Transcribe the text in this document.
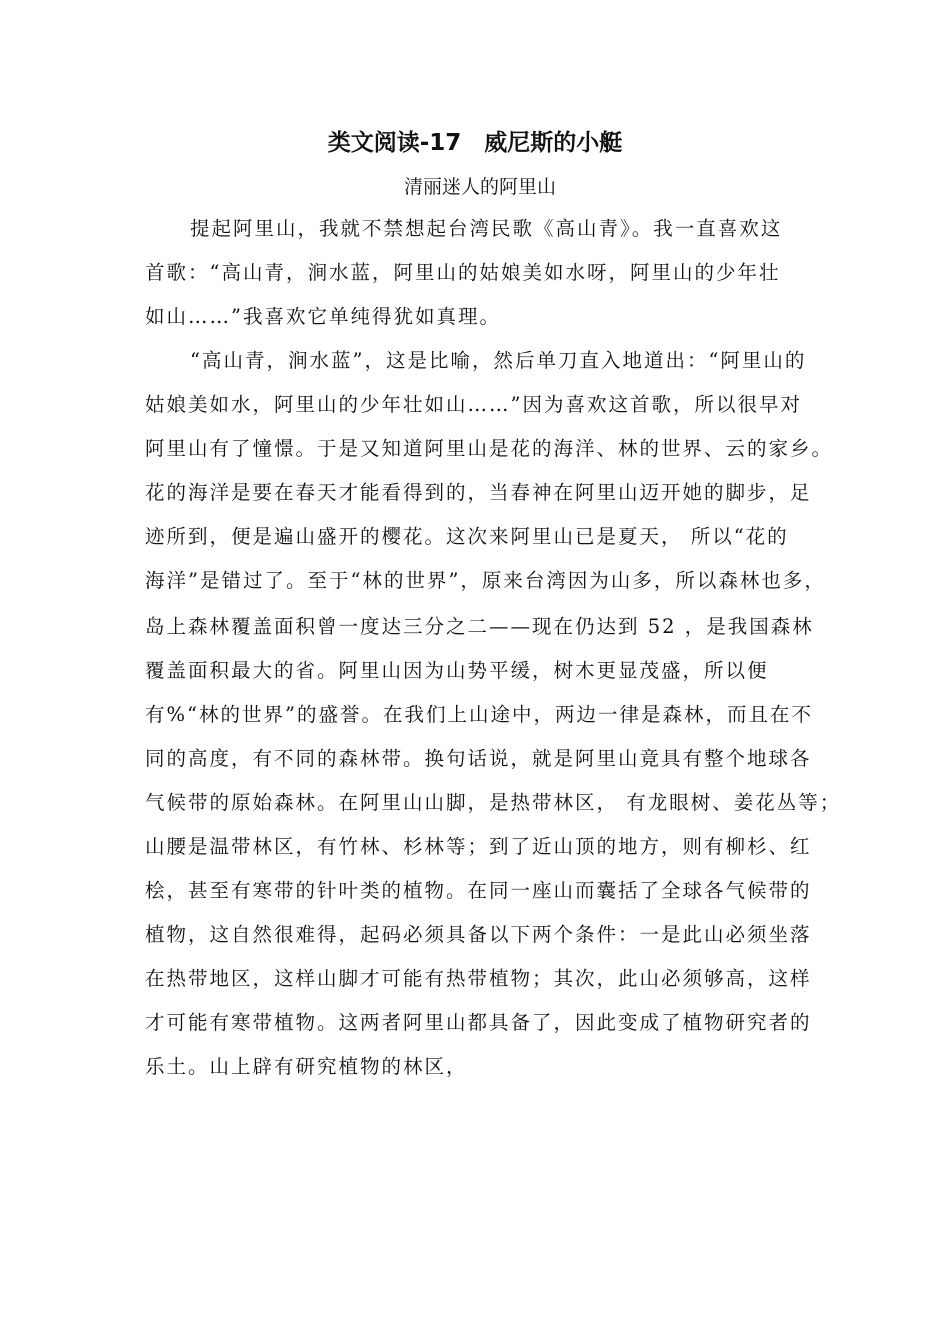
类文阅读-17　威尼斯的小艇
清丽迷人的阿里山
提起阿里山，我就不禁想起台湾民歌《高山青》。我一直喜欢这
首歌：“高山青，涧水蓝，阿里山的姑娘美如水呀，阿里山的少年壮
如山……”我喜欢它单纯得犹如真理。
“高山青，涧水蓝”，这是比喻，然后单刀直入地道出：“阿里山的
姑娘美如水，阿里山的少年壮如山……”因为喜欢这首歌，所以很早对
阿里山有了憧憬。于是又知道阿里山是花的海洋、林的世界、云的家乡。
花的海洋是要在春天才能看得到的，当春神在阿里山迈开她的脚步，足
迹所到，便是遍山盛开的樱花。这次来阿里山已是夏天， 所以“花的
海洋”是错过了。至于“林的世界”，原来台湾因为山多，所以森林也多，
岛上森林覆盖面积曾一度达三分之二——现在仍达到 52 ，是我国森林
覆盖面积最大的省。阿里山因为山势平缓，树木更显茂盛，所以便
有%“林的世界”的盛誉。在我们上山途中，两边一律是森林，而且在不
同的高度，有不同的森林带。换句话说，就是阿里山竟具有整个地球各
气候带的原始森林。在阿里山山脚，是热带林区， 有龙眼树、姜花丛等；
山腰是温带林区，有竹林、杉林等；到了近山顶的地方，则有柳杉、红
桧，甚至有寒带的针叶类的植物。在同一座山而囊括了全球各气候带的
植物，这自然很难得，起码必须具备以下两个条件：一是此山必须坐落
在热带地区，这样山脚才可能有热带植物；其次，此山必须够高，这样
才可能有寒带植物。这两者阿里山都具备了，因此变成了植物研究者的
乐土。山上辟有研究植物的林区，
